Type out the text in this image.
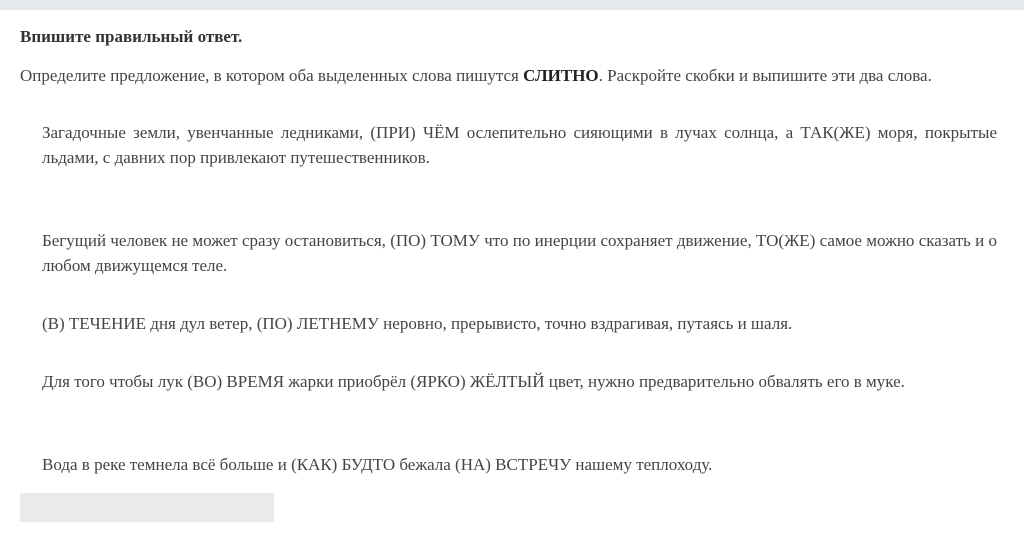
Впишите правильный ответ.
Определите предложение, в котором оба выделенных слова пишутся СЛИТНО. Раскройте скобки и выпишите эти два слова.
Загадочные земли, увенчанные ледниками, (ПРИ) ЧЁМ ослепительно сияющими в лучах солнца, а ТАК(ЖЕ) моря, покрытые льдами, с давних пор привлекают путешественников.
Бегущий человек не может сразу остановиться, (ПО) ТОМУ что по инерции сохраняет движение, ТО(ЖЕ) самое можно сказать и о любом движущемся теле.
(В) ТЕЧЕНИЕ дня дул ветер, (ПО) ЛЕТНЕМУ неровно, прерывисто, точно вздрагивая, путаясь и шаля.
Для того чтобы лук (ВО) ВРЕМЯ жарки приобрёл (ЯРКО) ЖЁЛТЫЙ цвет, нужно предварительно обвалять его в муке.
Вода в реке темнела всё больше и (КАК) БУДТО бежала (НА) ВСТРЕЧУ нашему теплоходу.
